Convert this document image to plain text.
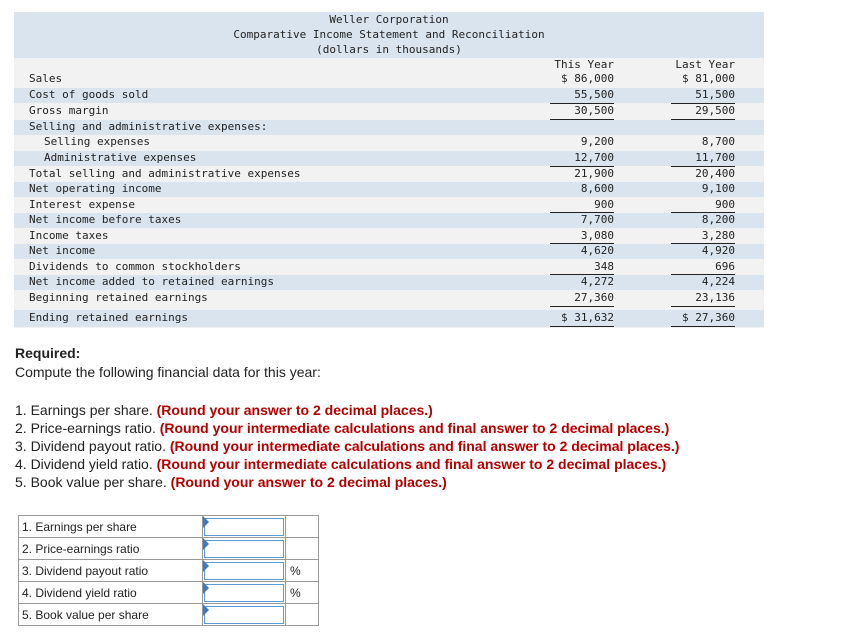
Weller Corporation
Comparative Income Statement and Reconciliation
(dollars in thousands)
This Year	Last Year
Sales	$ 86,000	$ 81,000
Cost of goods sold	55,500	51,500
Gross margin	30,500	29,500
Selling and administrative expenses:
Selling expenses	9,200	8,700
Administrative expenses	12,700	11,700
Total selling and administrative expenses	21,900	20,400
Net operating income	8,600	9,100
Interest expense	900	900
Net income before taxes	7,700	8,200
Income taxes	3,080	3,280
Net income	4,620	4,920
Dividends to common stockholders	348	696
Net income added to retained earnings	4,272	4,224
Beginning retained earnings	27,360	23,136
Ending retained earnings	$ 31,632	$ 27,360
Required:
Compute the following financial data for this year:
1. Earnings per share. (Round your answer to 2 decimal places.)
2. Price-earnings ratio. (Round your intermediate calculations and final answer to 2 decimal places.)
3. Dividend payout ratio. (Round your intermediate calculations and final answer to 2 decimal places.)
4. Dividend yield ratio. (Round your intermediate calculations and final answer to 2 decimal places.)
5. Book value per share. (Round your answer to 2 decimal places.)
1. Earnings per share	

2. Price-earnings ratio	

3. Dividend payout ratio		%
4. Dividend yield ratio		%
5. Book value per share	
